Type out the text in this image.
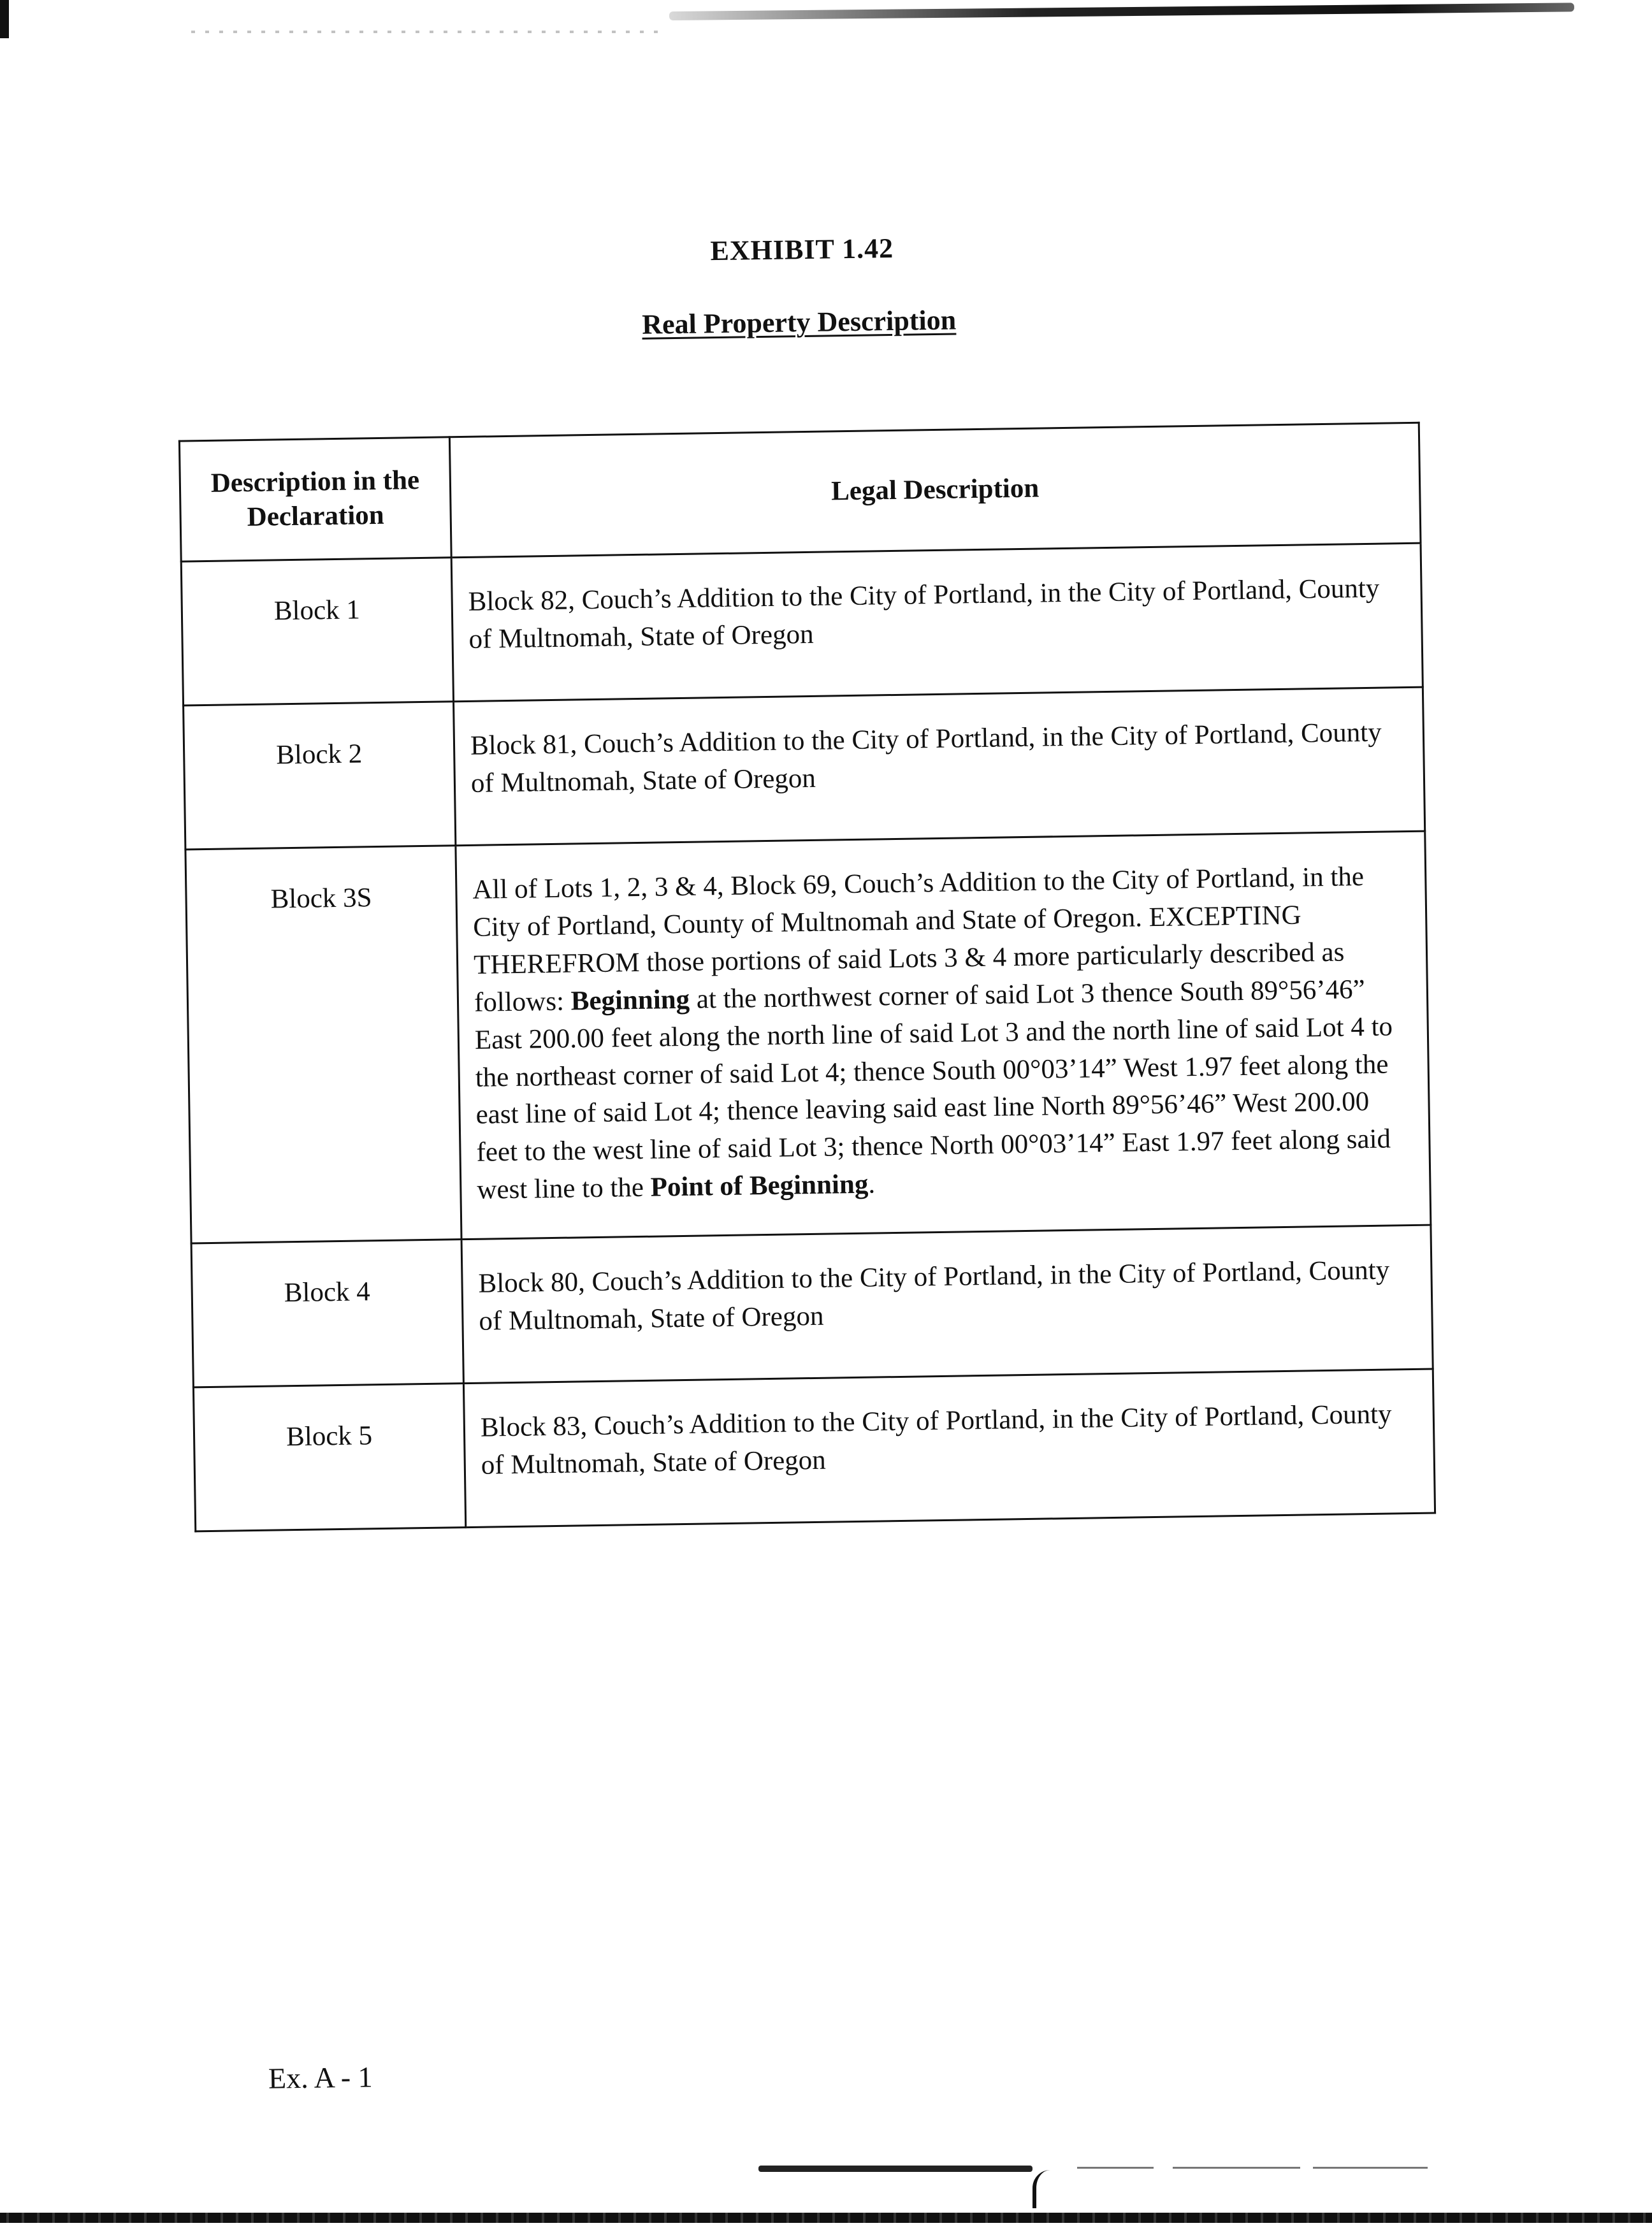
EXHIBIT 1.42
Real Property Description
Description in the Declaration	Legal Description
Block 1	Block 82, Couch’s Addition to the City of Portland, in the City of Portland, County of Multnomah, State of Oregon
Block 2	Block 81, Couch’s Addition to the City of Portland, in the City of Portland, County of Multnomah, State of Oregon
Block 3S	All of Lots 1, 2, 3 & 4, Block 69, Couch’s Addition to the City of Portland, in the City of Portland, County of Multnomah and State of Oregon. EXCEPTING THEREFROM those portions of said Lots 3 & 4 more particularly described as follows: Beginning at the northwest corner of said Lot 3 thence South 89°56’46” East 200.00 feet along the north line of said Lot 3 and the north line of said Lot 4 to the northeast corner of said Lot 4; thence South 00°03’14” West 1.97 feet along the east line of said Lot 4; thence leaving said east line North 89°56’46” West 200.00 feet to the west line of said Lot 3; thence North 00°03’14” East 1.97 feet along said west line to the Point of Beginning.
Block 4	Block 80, Couch’s Addition to the City of Portland, in the City of Portland, County of Multnomah, State of Oregon
Block 5	Block 83, Couch’s Addition to the City of Portland, in the City of Portland, County of Multnomah, State of Oregon
Ex. A - 1
